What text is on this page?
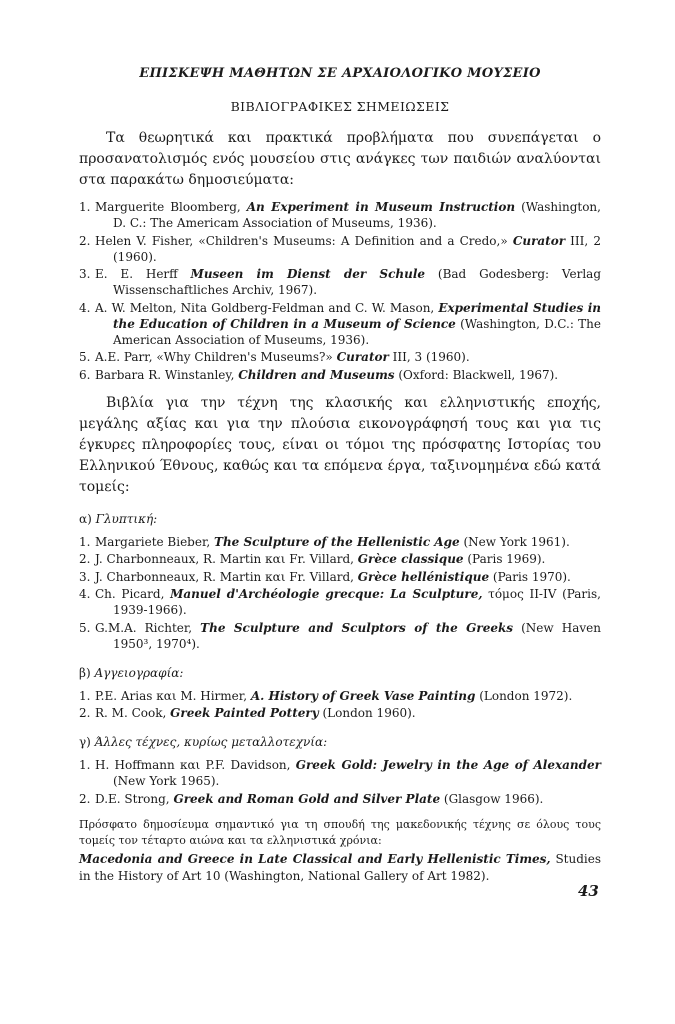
ΕΠΙΣΚΕΨΗ ΜΑΘΗΤΩΝ ΣΕ ΑΡΧΑΙΟΛΟΓΙΚΟ ΜΟΥΣΕΙΟ
ΒΙΒΛΙΟΓΡΑΦΙΚΕΣ ΣΗΜΕΙΩΣΕΙΣ

Τα θεωρητικά και πρακτικά προβλήματα που συνεπάγεται ο προσανατολισμός ενός μουσείου στις ανάγκες των παιδιών αναλύονται στα παρακάτω δημοσιεύματα:

1. Marguerite Bloomberg, An Experiment in Museum Instruction (Washington, D. C.: The Americam Association of Museums, 1936).
2. Helen V. Fisher, «Children's Museums: A Definition and a Credo,» Curator III, 2 (1960).
3. E. E. Herff Museen im Dienst der Schule (Bad Godesberg: Verlag Wissenschaftliches Archiv, 1967).
4. A. W. Melton, Nita Goldberg-Feldman and C. W. Mason, Experimental Studies in the Education of Children in a Museum of Science (Washington, D.C.: The American Association of Museums, 1936).
5. A.E. Parr, «Why Children's Museums?» Curator III, 3 (1960).
6. Barbara R. Winstanley, Children and Museums (Oxford: Blackwell, 1967).

Βιβλία για την τέχνη της κλασικής και ελληνιστικής εποχής, μεγάλης αξίας και για την πλούσια εικονογράφησή τους και για τις έγκυρες πληροφορίες τους, είναι οι τόμοι της πρόσφατης Ιστορίας του Ελληνικού Έθνους, καθώς και τα επόμενα έργα, ταξινομημένα εδώ κατά τομείς:

α) Γλυπτική:
1. Margariete Bieber, The Sculpture of the Hellenistic Age (New York 1961).
2. J. Charbonneaux, R. Martin και Fr. Villard, Grèce classique (Paris 1969).
3. J. Charbonneaux, R. Martin και Fr. Villard, Grèce hellénistique (Paris 1970).
4. Ch. Picard, Manuel d'Archéologie grecque: La Sculpture, τόμος II-IV (Paris, 1939-1966).
5. G.M.A. Richter, The Sculpture and Sculptors of the Greeks (New Haven 1950³, 1970⁴).
β) Αγγειογραφία:
1. P.E. Arias και M. Hirmer, A. History of Greek Vase Painting (London 1972).
2. R. M. Cook, Greek Painted Pottery (London 1960).
γ) Άλλες τέχνες, κυρίως μεταλλοτεχνία:
1. H. Hoffmann και P.F. Davidson, Greek Gold: Jewelry in the Age of Alexander (New York 1965).
2. D.E. Strong, Greek and Roman Gold and Silver Plate (Glasgow 1966).

Πρόσφατο δημοσίευμα σημαντικό για τη σπουδή της μακεδονικής τέχνης σε όλους τους τομείς τον τέταρτο αιώνα και τα ελληνιστικά χρόνια:

Macedonia and Greece in Late Classical and Early Hellenistic Times, Studies in the History of Art 10 (Washington, National Gallery of Art 1982).
43
